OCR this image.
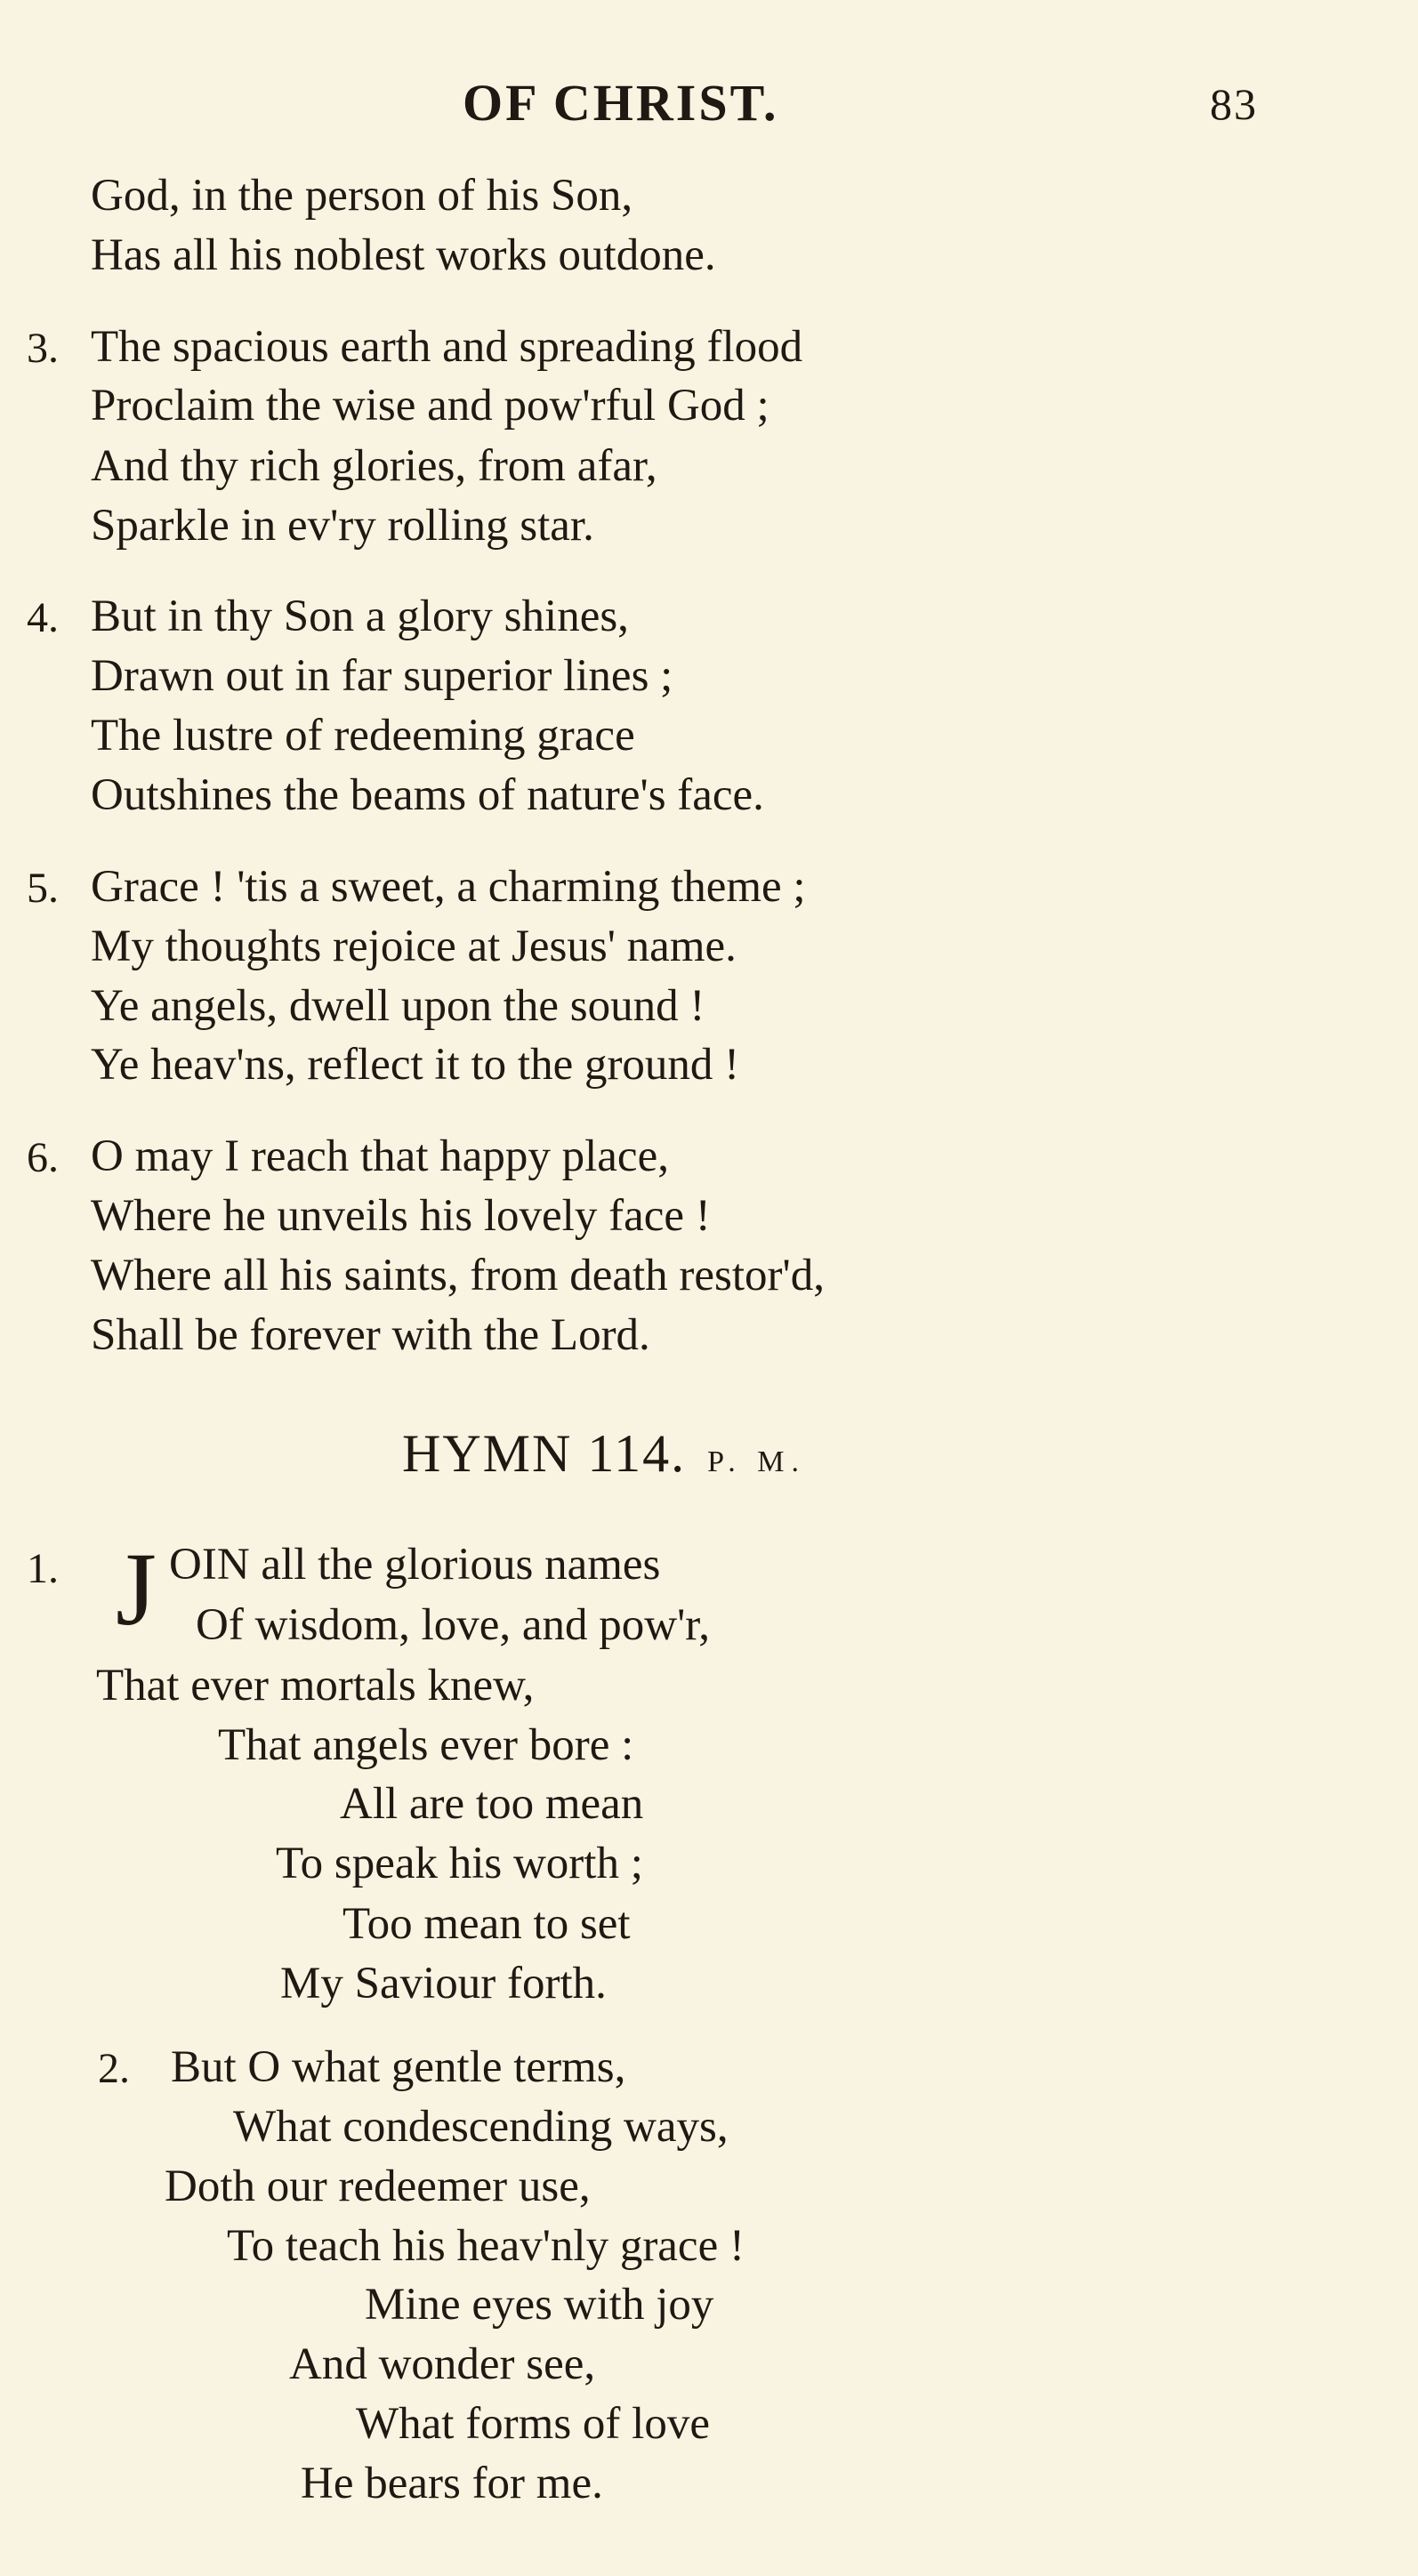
OF CHRIST.	83
God, in the person of his Son,
Has all his noblest works outdone.
3. The spacious earth and spreading flood
Proclaim the wise and pow'rful God ;
And thy rich glories, from afar,
Sparkle in ev'ry rolling star.
4. But in thy Son a glory shines,
Drawn out in far superior lines ;
The lustre of redeeming grace
Outshines the beams of nature's face.
5. Grace ! 'tis a sweet, a charming theme ;
My thoughts rejoice at Jesus' name.
Ye angels, dwell upon the sound !
Ye heav'ns, reflect it to the ground !
6. O may I reach that happy place,
Where he unveils his lovely face !
Where all his saints, from death restor'd,
Shall be forever with the Lord.
HYMN 114. P. M.
1. J OIN all the glorious names
Of wisdom, love, and pow'r,
That ever mortals knew,
That angels ever bore :
All are too mean
To speak his worth ;
Too mean to set
My Saviour forth.
2. But O what gentle terms,
What condescending ways,
Doth our redeemer use,
To teach his heav'nly grace !
Mine eyes with joy
And wonder see,
What forms of love
He bears for me.
